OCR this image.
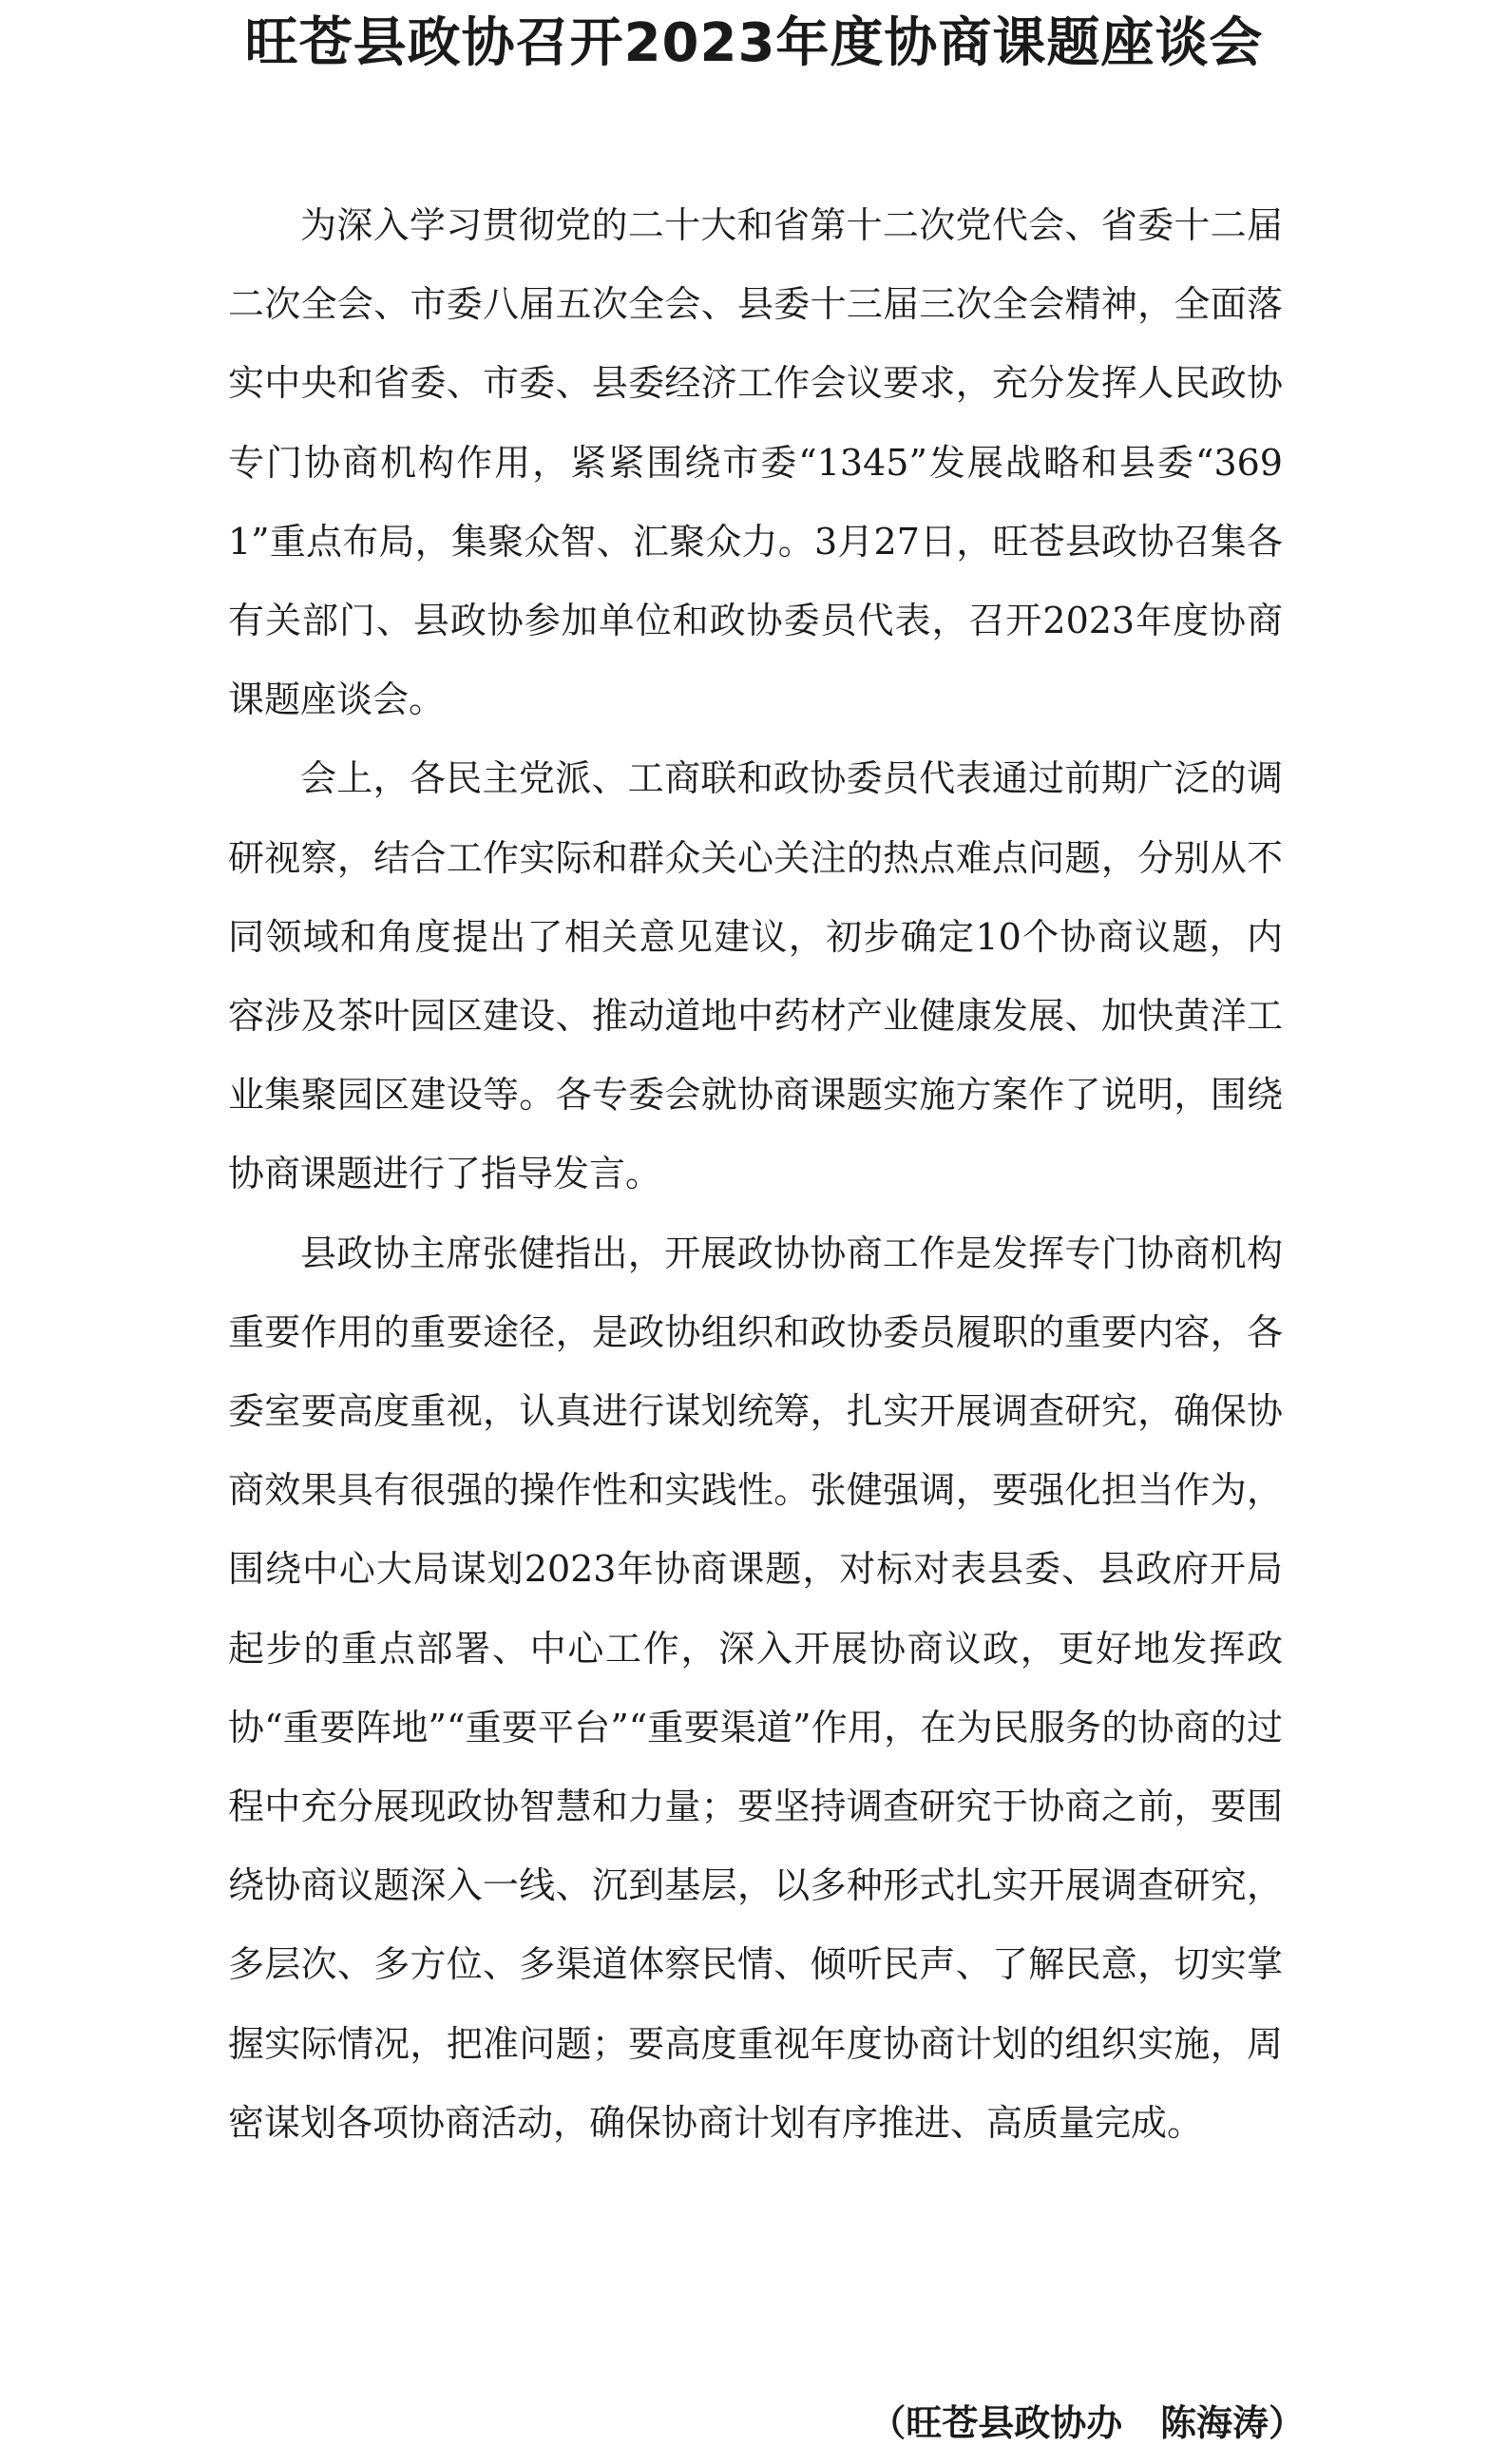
旺苍县政协召开2023年度协商课题座谈会

为深入学习贯彻党的二十大和省第十二次党代会、省委十二届二次全会、市委八届五次全会、县委十三届三次全会精神，全面落实中央和省委、市委、县委经济工作会议要求，充分发挥人民政协专门协商机构作用，紧紧围绕市委“1345”发展战略和县委“3691”重点布局，集聚众智、汇聚众力。3月27日，旺苍县政协召集各有关部门、县政协参加单位和政协委员代表，召开2023年度协商课题座谈会。

会上，各民主党派、工商联和政协委员代表通过前期广泛的调研视察，结合工作实际和群众关心关注的热点难点问题，分别从不同领域和角度提出了相关意见建议，初步确定10个协商议题，内容涉及茶叶园区建设、推动道地中药材产业健康发展、加快黄洋工业集聚园区建设等。各专委会就协商课题实施方案作了说明，围绕协商课题进行了指导发言。

县政协主席张健指出，开展政协协商工作是发挥专门协商机构重要作用的重要途径，是政协组织和政协委员履职的重要内容，各委室要高度重视，认真进行谋划统筹，扎实开展调查研究，确保协商效果具有很强的操作性和实践性。张健强调，要强化担当作为，围绕中心大局谋划2023年协商课题，对标对表县委、县政府开局起步的重点部署、中心工作，深入开展协商议政，更好地发挥政协“重要阵地”“重要平台”“重要渠道”作用，在为民服务的协商的过程中充分展现政协智慧和力量；要坚持调查研究于协商之前，要围绕协商议题深入一线、沉到基层，以多种形式扎实开展调查研究，多层次、多方位、多渠道体察民情、倾听民声、了解民意，切实掌握实际情况，把准问题；要高度重视年度协商计划的组织实施，周密谋划各项协商活动，确保协商计划有序推进、高质量完成。

（旺苍县政协办   陈海涛）
